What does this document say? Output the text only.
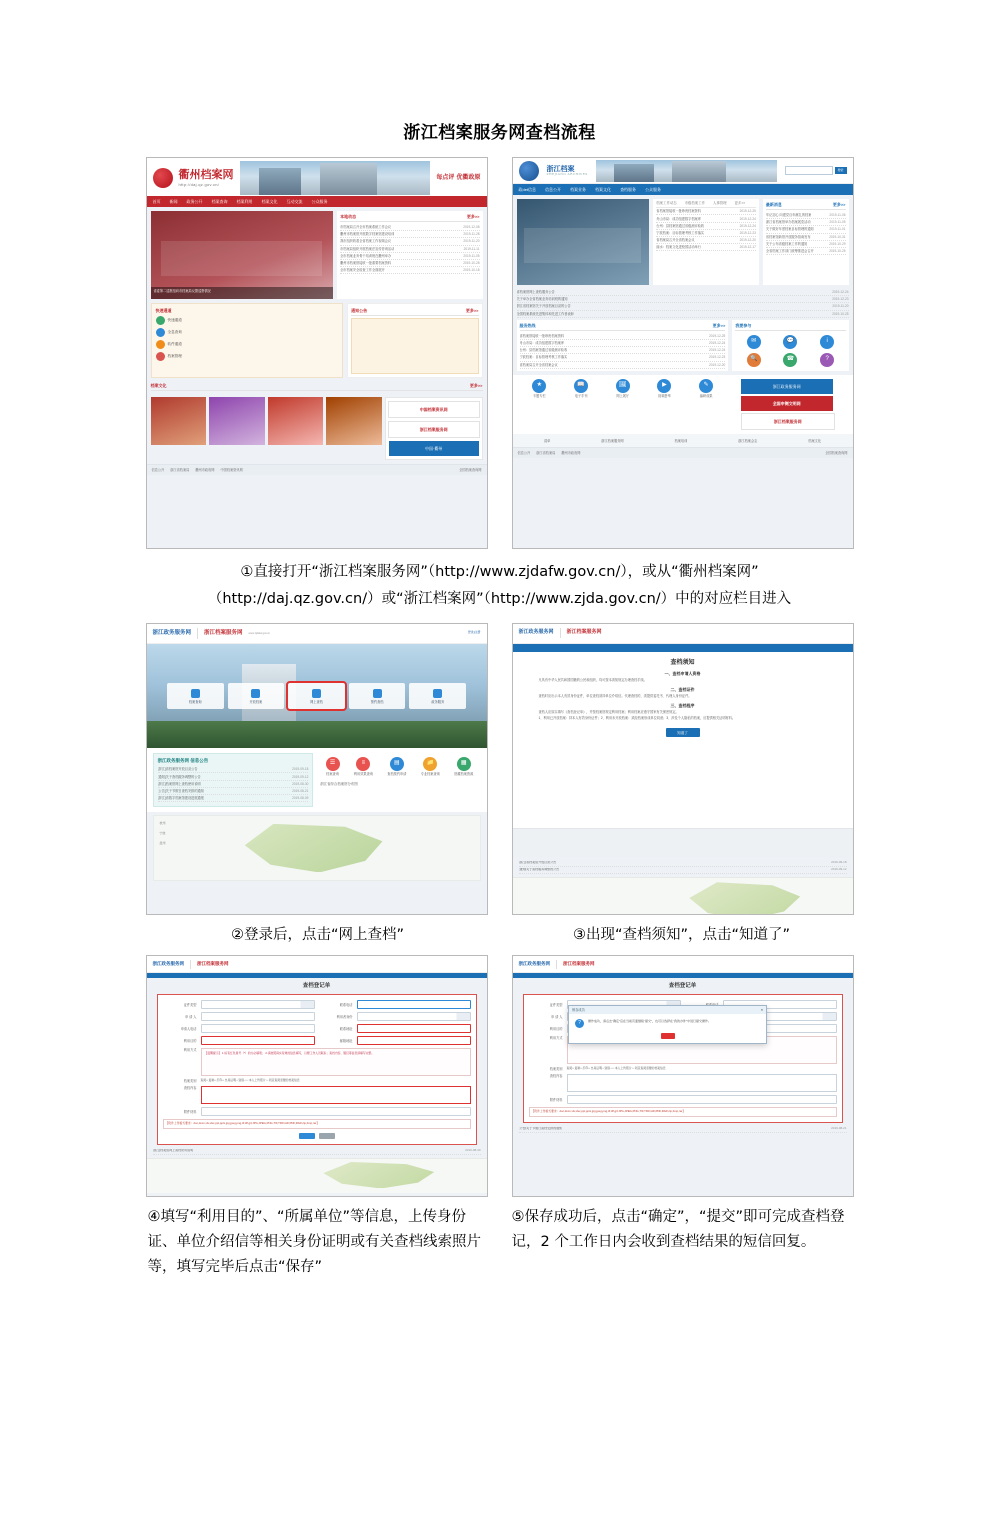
浙江档案服务网查档流程
衢州档案网
http://daj.qz.gov.cn/
每点评 优衢政原
首页 新闻 政务公开 档案查询 档案利用 档案文化 互动交流 公众服务
省委第二巡察组向市档案局反馈巡察情况
本地动态	更多>>
市档案局召开全市档案系统工作会议	2019-12-08
衢州市档案馆开展数字档案馆建设培训	2019-11-28
我市组织收看全省档案工作视频会议	2019-11-20
市档案局组织开展档案法宣传咨询活动	2019-11-11
全市档案业务骨干培训班在衢州举办	2019-11-05
衢州市档案馆接收一批重要档案资料	2019-10-28
全市档案安全检查工作全面展开	2019-10-18
快速通道
快速通道
全息查询
软件通道
档案管理
通知公告	更多>>
档案文化	更多>>
中国档案资讯网
浙江档案服务网
中国·衢州
信息公开 浙江省档案局 衢州市政府网 中国档案资讯网	全国档案查询网
浙江档案
ZHEJIANG ARCHIVES
搜索
政det信息 信息公开 档案业务 档案文化 查档服务 公众服务
档案工作动态 市级档案工作 人事管理 更多>>
省档案馆接收一批珍贵档案资料	2019-12-25
舟山市局：成功组建数字档案库	2019-12-24
台州：县档案馆通过省级测评验收	2019-12-24
宁波档案：目标管理考核工作落实	2019-12-23
省档案局召开全省档案会议	2019-12-20
丽水：档案文化进校园活动举行	2019-12-17
最新消息	更多>>
牢记初心 向建党百年献礼的档案	2019-11-06
浙江省档案馆举办档案展览活动	2019-11-05
关于做好年度档案目标管理的通知	2019-11-01
省档案馆新馆开放服务指南发布	2019-10-31
关于公布省级档案工作的通知	2019-10-29
全省档案工作部门统筹推进会召开	2019-10-25
省档案馆网上查档服务公告	2019-12-24
关于举办全省档案业务培训班的通知	2019-12-23
浙江省档案馆关于开放档案目录的公告	2019-11-20
全国档案系统先进集体和先进工作者表彰	2019-10-25
服务热线	更多>>
省档案馆接收一批珍贵档案资料	2019-12-25
舟山市局：成功组建数字档案库	2019-12-24
台州：县档案馆通过省级测评验收	2019-12-24
宁波档案：目标管理考核工作落实	2019-12-23
省档案局召开全省档案会议	2019-12-20
我要参与
✉	💬	i
🔍	☎	?
★
专题专栏
📖
电子手刊
🖼
网上展厅
▶
视频荟萃
✎
编研成果
浙江政务服务网
全国申铡文明网
浙江档案服务网
清单	浙江档案服务网	档案培训	浙江档案会志	档案文化
信息公开 浙江省档案局 衢州市政府网	全国档案查询网
①直接打开“浙江档案服务网”（http://www.zjdafw.gov.cn/），或从“衢州档案网”
（http://daj.qz.gov.cn/）或“浙江档案网”（http://www.zjda.gov.cn/）中的对应栏目进入
浙江政务服务网 浙江档案服务网 www.zjdafw.gov.cn	登录|注册
档案查询	开放档案	网上查档	预约查档	政务服务
浙江政务服务网 信息公告
[浙江]省档案馆开放目录公告	2019-09-18
[通知]关于查档服务调整的公告	2019-09-12
[浙江]档案馆网上查档使用说明	2019-08-30
[公告]关于节假日查档安排的通知	2019-08-21
[浙江]省数字档案馆建设进展通报	2019-08-09
☰
档案查询
≡
利用效果查询
▤
查档预约申请
📁
专业档案查询
▦
馆藏档案资源
浙江省综合档案馆分布图
杭州
宁波
温州
浙江政务服务网	浙江档案服务网
查档须知
一、查档申请人资格
凡具有中华人民共和国国籍的公民和组织，均可按本须知规定办理查档手续。
二、查档证件
查档时应出示本人有效身份证件，单位查档须持单位介绍信。代理查档的，须提供委托书、代理人身份证件。
三、查档程序
查档人应如实填写《查档登记单》，并按档案馆规定利用档案；利用档案应遵守国家有关保密规定。
1、利用已开放档案：持本人有效身份证件；2、利用未开放档案：须经档案形成单位同意；3、涉及个人隐私的档案，应提供相关证明材料。
知道了
[浙江]省档案馆开放目录公告	2019-09-18
[通知]关于查档服务调整的公告	2019-09-12
②登录后，点击“网上查档”	③出现“查档须知”，点击“知道了”
浙江政务服务网	浙江档案服务网
查档登记单
证件类型	联系电话
申 请 人	利用者身份
申请人电话	联系地址
利用目的	邮箱地址
利用方式
【温馨提示】 1.标有红色星号（*）的为必填项； 2.请按照真实有效的信息填写，以便工作人员联系；查档内容、篇目等信息请填写完整。
档案类别 查阅□ 复制□ 打印□ 出具证明□ 到馆□ □ 本人上传照片 □ 同意查阅需要的档案信息
查档内容
附件材料
【附件上传格式要求：doc,docx,xls,xlsx,ppt,pptx,jpg,jpeg,png,tif,tiff,gif,JPG,JPEG,PNG,TIF,TIFF,GIF,PDF,RAR,zip,bmp,rar】
[浙江]档案馆网上查档使用说明	2019-08-30
浙江政务服务网	浙江档案服务网
查档登记单
证件类型
申 请 人
利用目的
利用方式
档案类别 查阅□ 复制□ 打印□ 出具证明□ 到馆□ □ 本人上传照片 □ 同意查阅需要的档案信息
查档内容
附件材料
【附件上传格式要求：doc,docx,xls,xlsx,ppt,pptx,jpg,jpeg,png,tif,tiff,gif,JPG,JPEG,PNG,TIF,TIFF,GIF,PDF,RAR,zip,bmp,rar】
保存成功	✕
?	操作成功，请点击“确定”后在当前页面继续“提交”，也可以选择在“我的办件”中进行提交操作。
[公告]关于节假日查档安排的通知	2019-08-21
④填写“利用目的”、“所属单位”等信息，上传身份证、单位介绍信等相关身份证明或有关查档线索照片等，填写完毕后点击“保存”
⑤保存成功后，点击“确定”，“提交”即可完成查档登记，2 个工作日内会收到查档结果的短信回复。
